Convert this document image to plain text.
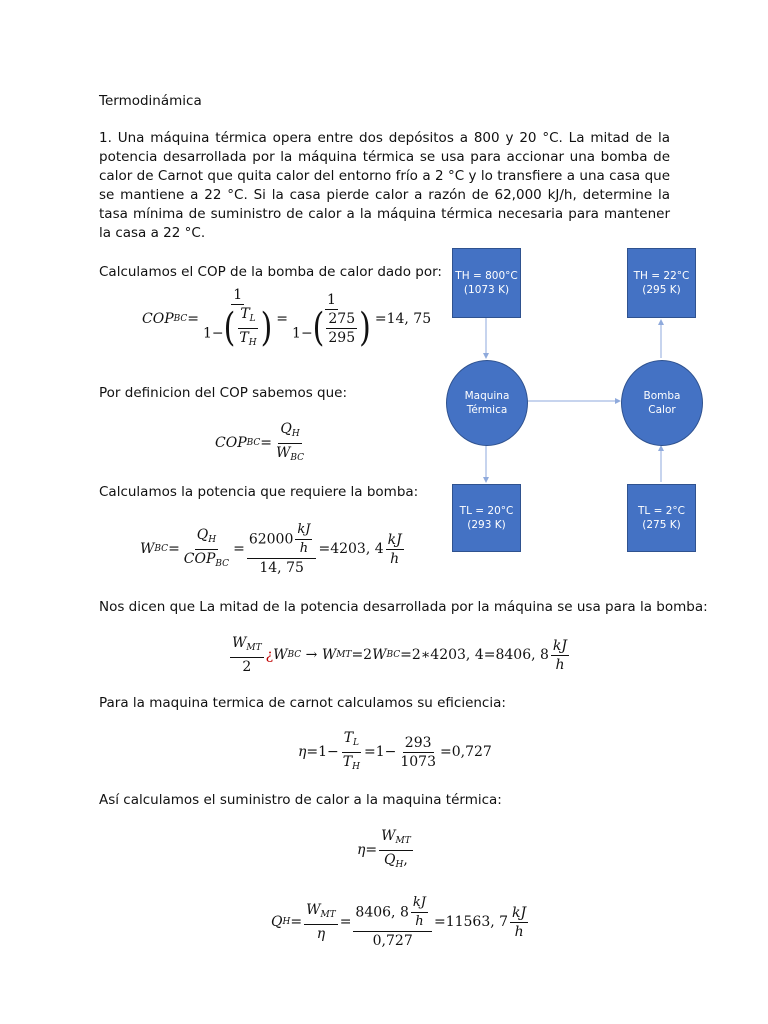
Termodinámica
1. Una máquina térmica opera entre dos depósitos a 800 y 20 °C. La mitad de la potencia desarrollada por la máquina térmica se usa para accionar una bomba de calor de Carnot que quita calor del entorno frío a 2 °C y lo transfiere a una casa que se mantiene a 22 °C. Si la casa pierde calor a razón de 62,000 kJ/h, determine la tasa mínima de suministro de calor a la máquina térmica necesaria para mantener la casa a 22 °C.
Calculamos el COP de la bomba de calor dado por:
COP BC = $\frac{1}{1- ( \frac{T_L}{T_H} )} = \frac{1}{1- ( \frac{275}{295} )} = 14$, 75
Por definicion del COP sabemos que:
COP BC = $\frac{Q_H}{W_{BC}}$
Calculamos la potencia que requiere la bomba:
W BC = $\frac{Q_H}{COP_{BC}} = \frac{62000 \frac{kJ}{h}}{14, 75} = 4203$, $4 \frac{kJ}{h}$
Nos dicen que La mitad de la potencia desarrollada por la máquina se usa para la bomba:
$\frac{W_{MT}}{2}$ ¿ W BC → W MT =2 W BC = 2∗4203, 4 = 8406, $8 \frac{kJ}{h}$
Para la maquina termica de carnot calculamos su eficiencia:
$\eta =1- \frac{T_L}{T_H} =1- \frac{293}{1073} = 0,727$
Así calculamos el suministro de calor a la maquina térmica:
$\eta = \frac{W_{MT}}{Q_H,}$
Q $H = \frac{W_{MT}}{\eta} = \frac{8406, 8 \frac{kJ}{h}}{0,727} = 11563$, $7 \frac{kJ}{h}$
TH = 800°C
(1073 K)
TH = 22°C
(295 K)
Maquina
Térmica
Bomba
Calor
TL = 20°C
(293 K)
TL = 2°C
(275 K)
